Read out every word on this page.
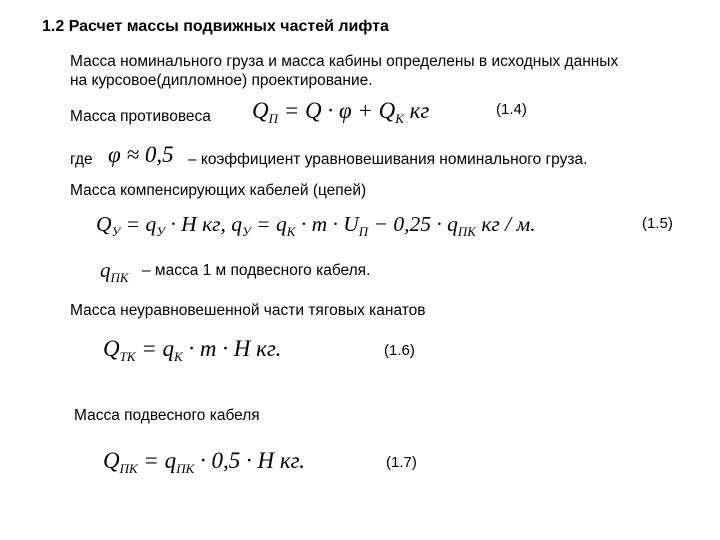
1.2 Расчет массы подвижных частей лифта
Масса номинального груза и масса кабины определены в исходных данных
на курсовое(дипломное) проектирование.
Масса противовеса $Q_П = Q \cdot \varphi + Q_К$ кг	(1.4)
где φ ≈ 0,5 – коэффициент уравновешивания номинального груза.
Масса компенсирующих кабелей (цепей)
$Q_У = q_У \cdot H$ кг, $q_У = q_К \cdot m \cdot U_П - 0,25 \cdot q_{ПК}$ кг / м.	(1.5)
$q_{ПК}$ – масса 1 м подвесного кабеля.
Масса неуравновешенной части тяговых канатов
$Q_{ТК} = q_К \cdot m \cdot H$ кг.	(1.6)
Масса подвесного кабеля
$Q_{ПК} = q_{ПК} \cdot 0,5 \cdot H$ кг.	(1.7)
